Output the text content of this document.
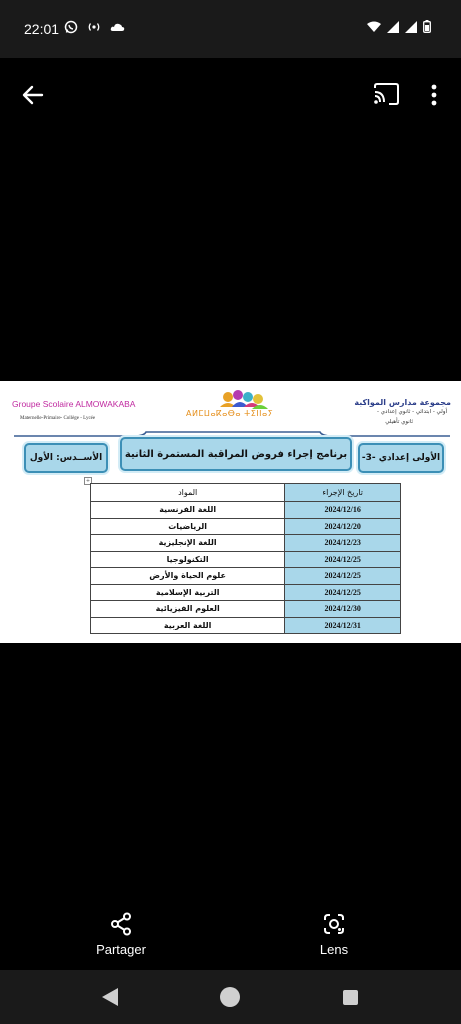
22:01
Groupe Scolaire ALMOWAKABA
Maternelle-Primaire- Collège - Lycée
Αⵍⵎⵡⴰⴽⴰⴱⴰ ⵜⵉⵏⵏⴰⵢ
مجموعة مدارس المواكبة
أولي - ابتدائي - ثانوي إعدادي -
ثانوي تأهيلي
الأســدس: الأول	برنامج إجراء فروض المراقبة المستمرة الثانية	الأولى إعدادي -3-
+
المواد	تاريخ الإجراء
اللغة الفرنسية	2024/12/16
الرياضيات	2024/12/20
اللغة الإنجليزية	2024/12/23
التكنولوجيا	2024/12/25
علوم الحياة والأرض	2024/12/25
التربية الإسلامية	2024/12/25
العلوم الفيزيائية	2024/12/30
اللغة العربية	2024/12/31
Partager	Lens
